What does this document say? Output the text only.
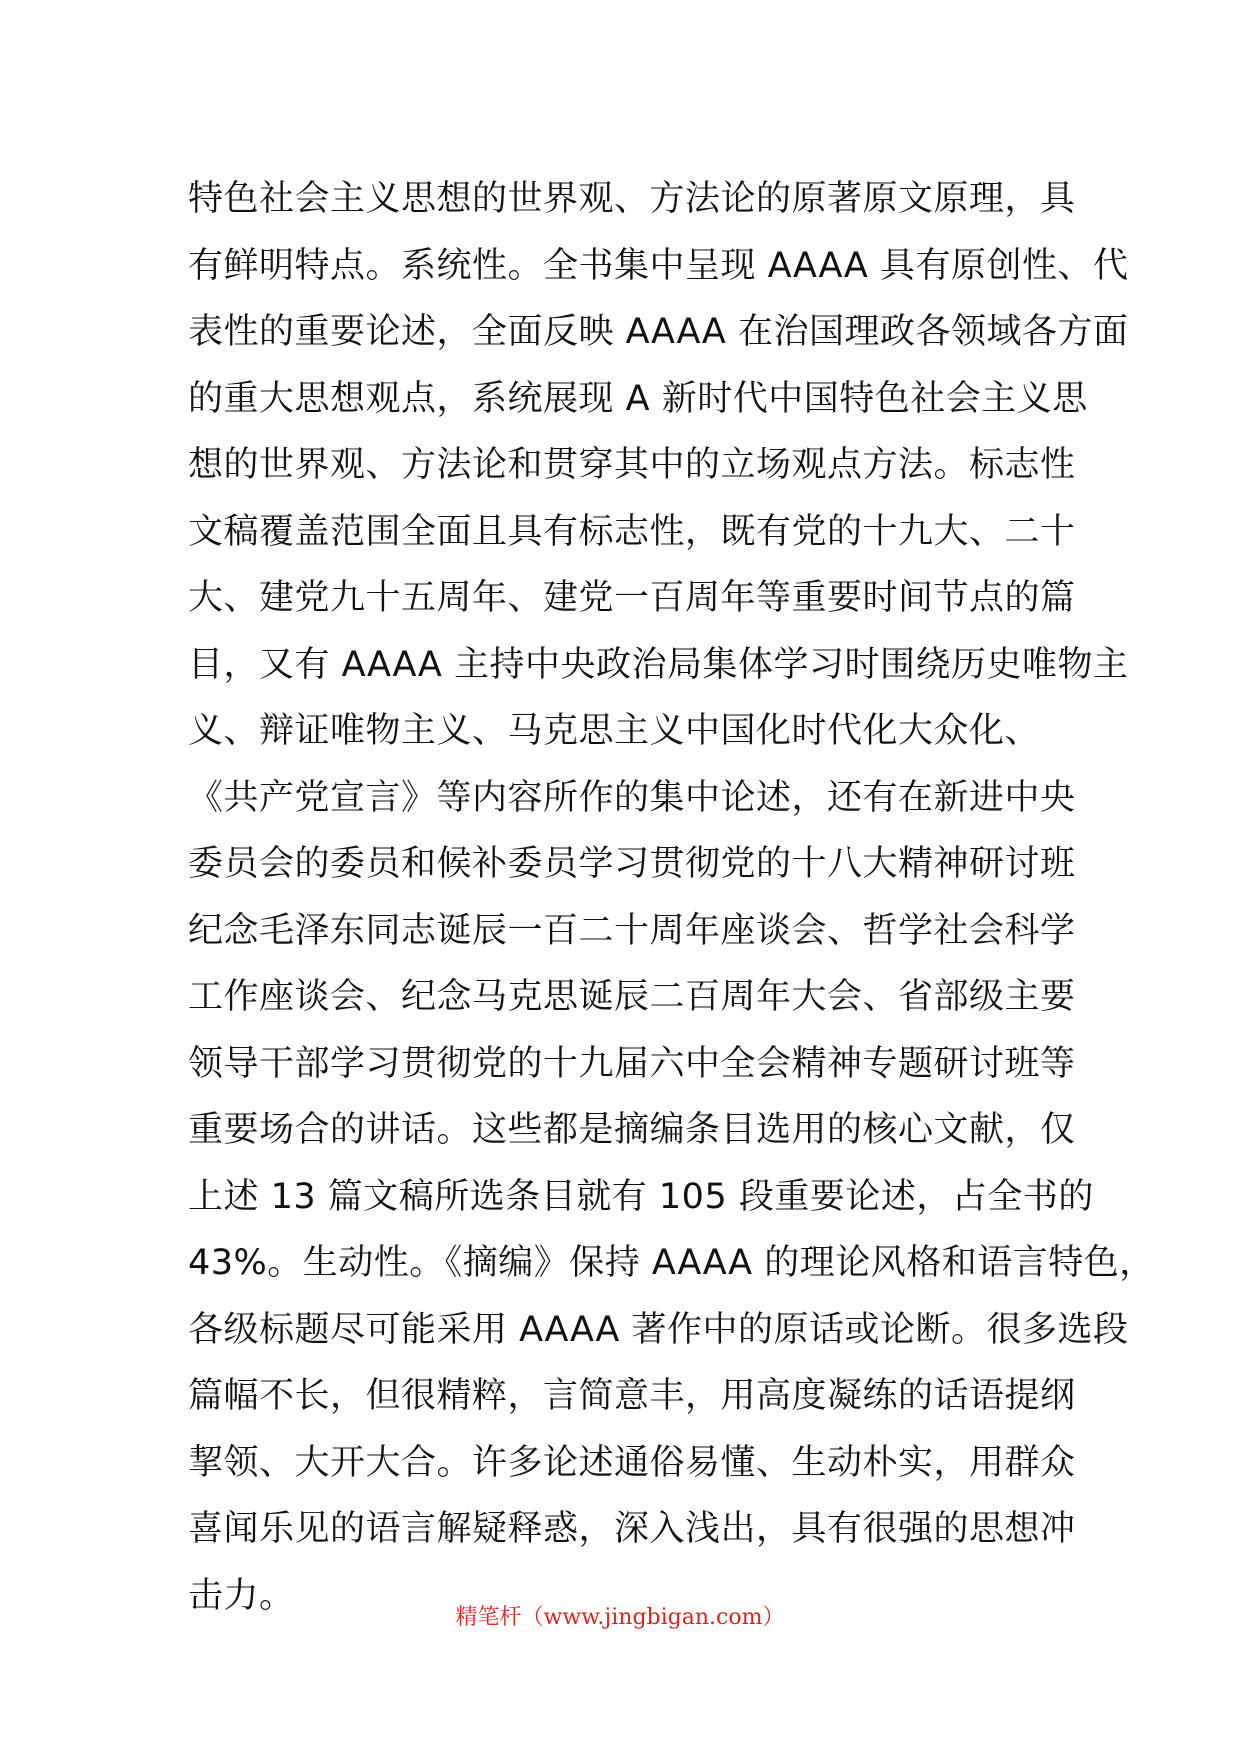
特色社会主义思想的世界观、方法论的原著原文原理，具
有鲜明特点。系统性。全书集中呈现 AAAA 具有原创性、代
表性的重要论述，全面反映 AAAA 在治国理政各领域各方面
的重大思想观点，系统展现 A 新时代中国特色社会主义思
想的世界观、方法论和贯穿其中的立场观点方法。标志性
文稿覆盖范围全面且具有标志性，既有党的十九大、二十
大、建党九十五周年、建党一百周年等重要时间节点的篇
目，又有 AAAA 主持中央政治局集体学习时围绕历史唯物主
义、辩证唯物主义、马克思主义中国化时代化大众化、
《共产党宣言》等内容所作的集中论述，还有在新进中央
委员会的委员和候补委员学习贯彻党的十八大精神研讨班
纪念毛泽东同志诞辰一百二十周年座谈会、哲学社会科学
工作座谈会、纪念马克思诞辰二百周年大会、省部级主要
领导干部学习贯彻党的十九届六中全会精神专题研讨班等
重要场合的讲话。这些都是摘编条目选用的核心文献，仅
上述 13 篇文稿所选条目就有 105 段重要论述，占全书的
43%。生动性。《摘编》保持 AAAA 的理论风格和语言特色，
各级标题尽可能采用 AAAA 著作中的原话或论断。很多选段
篇幅不长，但很精粹，言简意丰，用高度凝练的话语提纲
挈领、大开大合。许多论述通俗易懂、生动朴实，用群众
喜闻乐见的语言解疑释惑，深入浅出，具有很强的思想冲
击力。
精笔杆（www.jingbigan.com）
